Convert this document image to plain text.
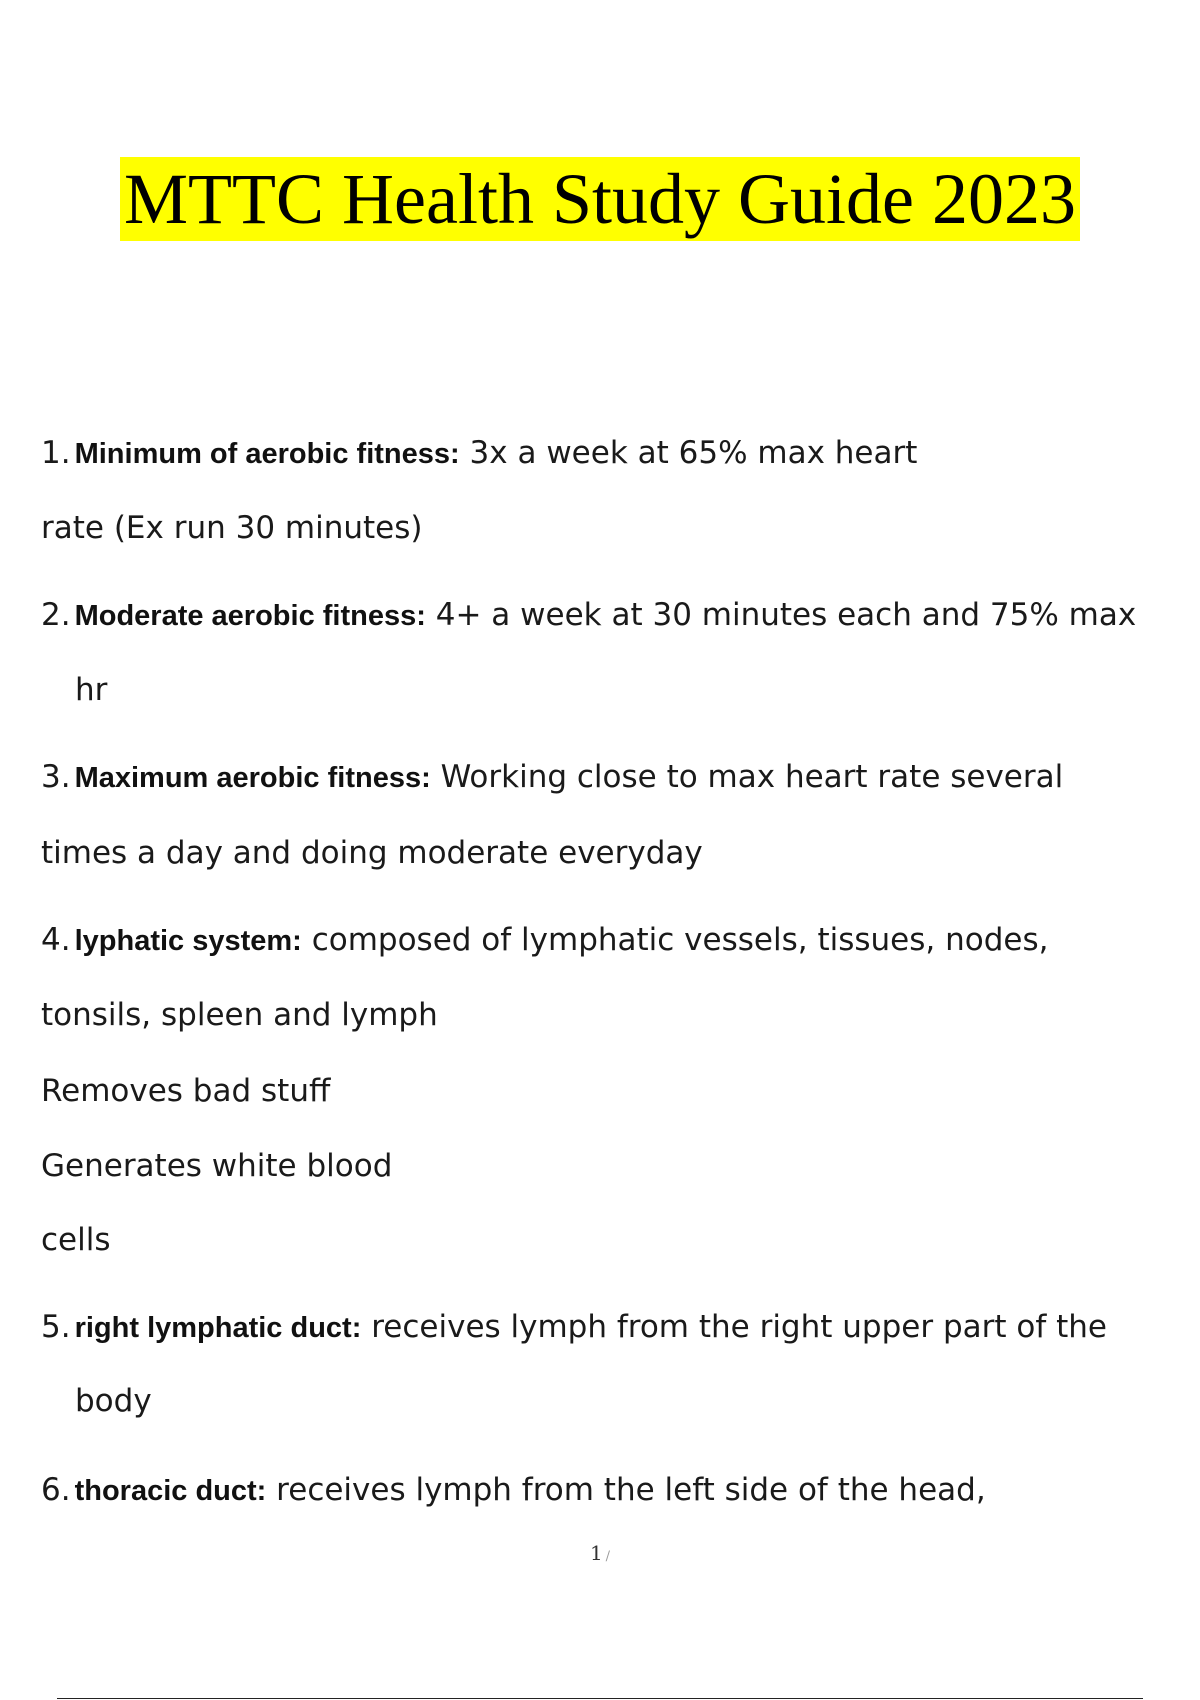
MTTC Health Study Guide 2023
1. Minimum of aerobic fitness: 3x a week at 65% max heart
rate (Ex run 30 minutes)
2. Moderate aerobic fitness: 4+ a week at 30 minutes each and 75% max
hr
3. Maximum aerobic fitness: Working close to max heart rate several
times a day and doing moderate everyday
4. lyphatic system: composed of lymphatic vessels, tissues, nodes,
tonsils, spleen and lymph
Removes bad stuff
Generates white blood
cells
5. right lymphatic duct: receives lymph from the right upper part of the
body
6. thoracic duct: receives lymph from the left side of the head,
1 /
